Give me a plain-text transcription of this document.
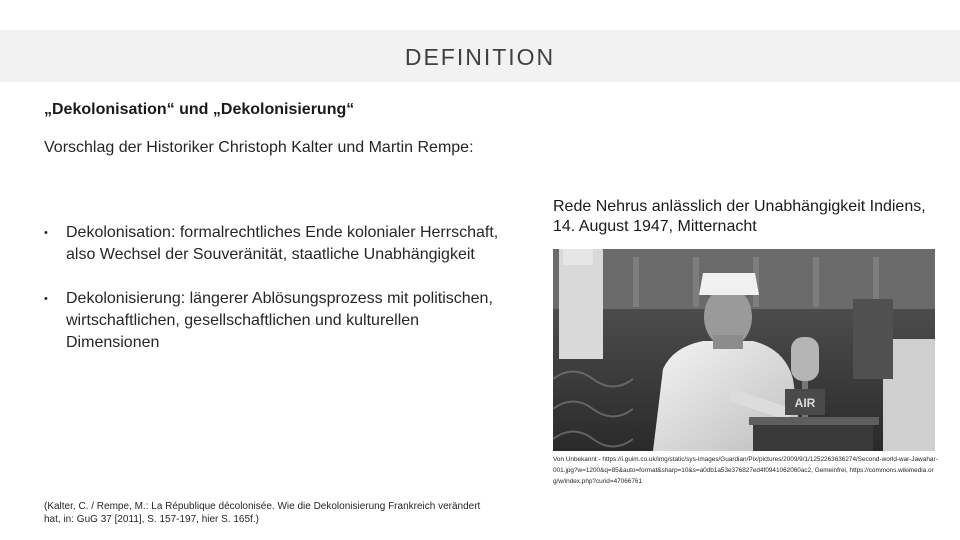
DEFINITION
„Dekolonisation“ und „Dekolonisierung“

Vorschlag der Historiker Christoph Kalter und Martin Rempe:

• Dekolonisation: formalrechtliches Ende kolonialer Herrschaft, also Wechsel der Souveränität, staatliche Unabhängigkeit
• Dekolonisierung: längerer Ablösungsprozess mit politischen, wirtschaftlichen, gesellschaftlichen und kulturellen Dimensionen

(Kalter, C. / Rempe, M.: La République décolonisée. Wie die Dekolonisierung Frankreich verändert hat, in: GuG 37 [2011], S. 157-197, hier S. 165f.)

Rede Nehrus anlässlich der Unabhängigkeit Indiens, 14. August 1947, Mitternacht

AIR

Von Unbekannt - https://i.guim.co.uk/img/static/sys-images/Guardian/Pix/pictures/2009/9/1/1252263636274/Second-world-war-Jawahar-001.jpg?w=1200&q=85&auto=format&sharp=10&s=a0db1a53e376827ed4f0941062060ac2, Gemeinfrei, https://commons.wikimedia.org/w/index.php?curid=47066761
